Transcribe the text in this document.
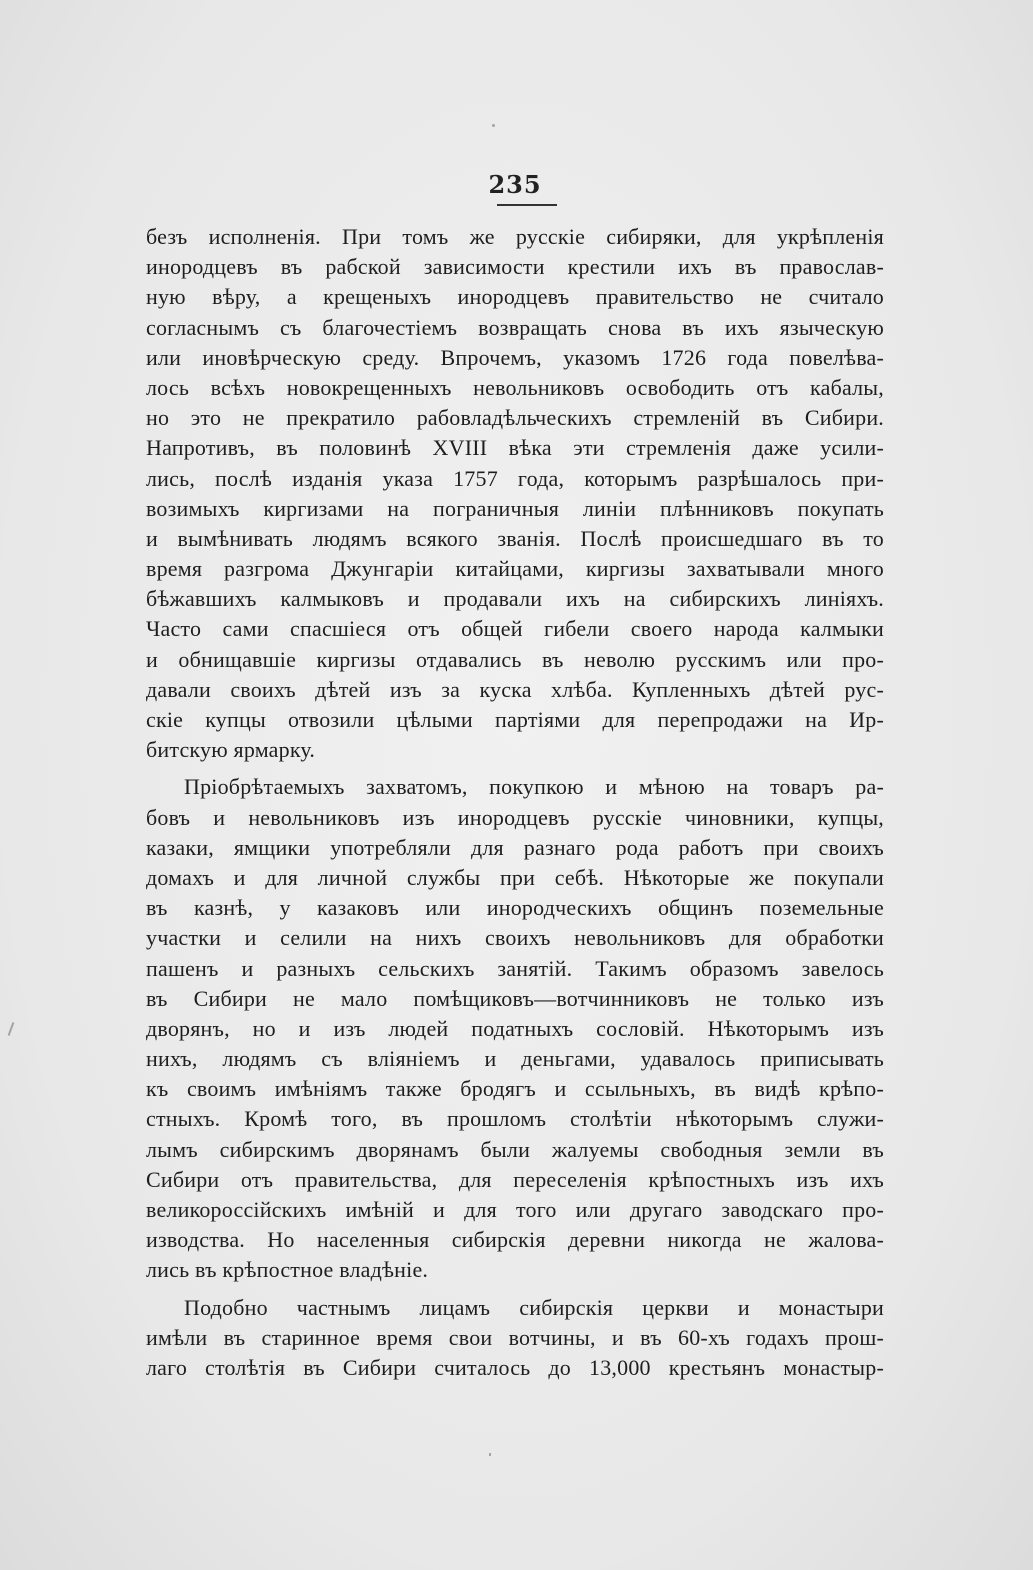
235
безъ исполненія. При томъ же русскіе сибиряки, для укрѣпленія
инородцевъ въ рабской зависимости крестили ихъ въ православ-
ную вѣру, а крещеныхъ инородцевъ правительство не считало
согласнымъ съ благочестіемъ возвращать снова въ ихъ языческую
или иновѣрческую среду. Впрочемъ, указомъ 1726 года повелѣва-
лось всѣхъ новокрещенныхъ невольниковъ освободить отъ кабалы,
но это не прекратило рабовладѣльческихъ стремленій въ Сибири.
Напротивъ, въ половинѣ XVIII вѣка эти стремленія даже усили-
лись, послѣ изданія указа 1757 года, которымъ разрѣшалось при-
возимыхъ киргизами на пограничныя линіи плѣнниковъ покупать
и вымѣнивать людямъ всякого званія. Послѣ происшедшаго въ то
время разгрома Джунгаріи китайцами, киргизы захватывали много
бѣжавшихъ калмыковъ и продавали ихъ на сибирскихъ линіяхъ.
Часто сами спасшіеся отъ общей гибели своего народа калмыки
и обнищавшіе киргизы отдавались въ неволю русскимъ или про-
давали своихъ дѣтей изъ за куска хлѣба. Купленныхъ дѣтей рус-
скіе купцы отвозили цѣлыми партіями для перепродажи на Ир-
битскую ярмарку.
Пріобрѣтаемыхъ захватомъ, покупкою и мѣною на товаръ ра-
бовъ и невольниковъ изъ инородцевъ русскіе чиновники, купцы,
казаки, ямщики употребляли для разнаго рода работъ при своихъ
домахъ и для личной службы при себѣ. Нѣкоторые же покупали
въ казнѣ, у казаковъ или инородческихъ общинъ поземельные
участки и селили на нихъ своихъ невольниковъ для обработки
пашенъ и разныхъ сельскихъ занятій. Такимъ образомъ завелось
въ Сибири не мало помѣщиковъ—вотчинниковъ не только изъ
дворянъ, но и изъ людей податныхъ сословій. Нѣкоторымъ изъ
нихъ, людямъ съ вліяніемъ и деньгами, удавалось приписывать
къ своимъ имѣніямъ также бродягъ и ссыльныхъ, въ видѣ крѣпо-
стныхъ. Кромѣ того, въ прошломъ столѣтіи нѣкоторымъ служи-
лымъ сибирскимъ дворянамъ были жалуемы свободныя земли въ
Сибири отъ правительства, для переселенія крѣпостныхъ изъ ихъ
великороссійскихъ имѣній и для того или другаго заводскаго про-
изводства. Но населенныя сибирскія деревни никогда не жалова-
лись въ крѣпостное владѣніе.
Подобно частнымъ лицамъ сибирскія церкви и монастыри
имѣли въ старинное время свои вотчины, и въ 60-хъ годахъ прош-
лаго столѣтія въ Сибири считалось до 13,000 крестьянъ монастыр-
